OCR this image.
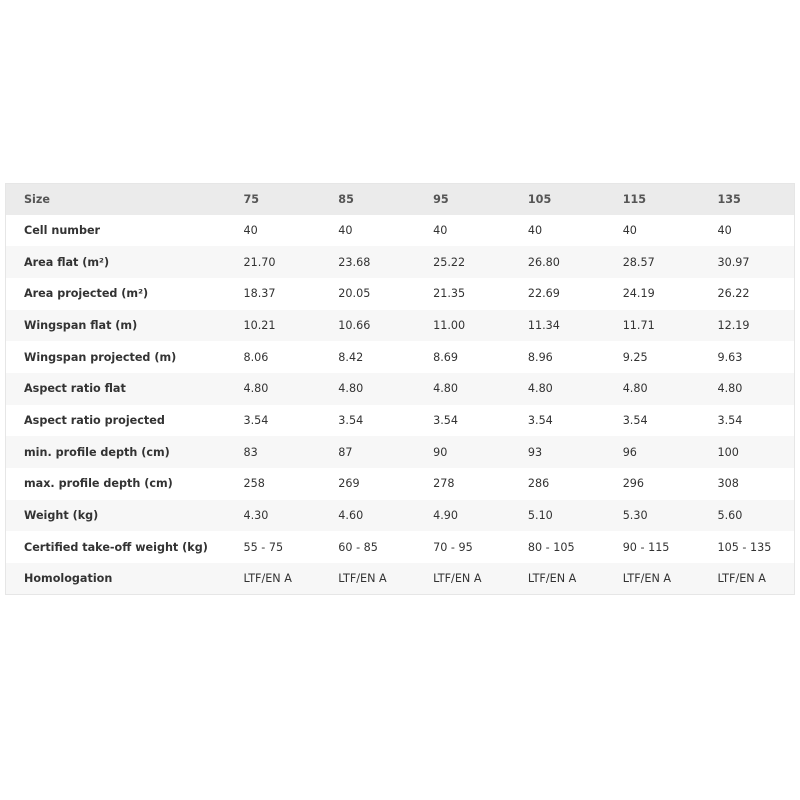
Size	75	85	95	105	115	135
Cell number	40	40	40	40	40	40
Area flat (m²)	21.70	23.68	25.22	26.80	28.57	30.97
Area projected (m²)	18.37	20.05	21.35	22.69	24.19	26.22
Wingspan flat (m)	10.21	10.66	11.00	11.34	11.71	12.19
Wingspan projected (m)	8.06	8.42	8.69	8.96	9.25	9.63
Aspect ratio flat	4.80	4.80	4.80	4.80	4.80	4.80
Aspect ratio projected	3.54	3.54	3.54	3.54	3.54	3.54
min. profile depth (cm)	83	87	90	93	96	100
max. profile depth (cm)	258	269	278	286	296	308
Weight (kg)	4.30	4.60	4.90	5.10	5.30	5.60
Certified take-off weight (kg)	55 - 75	60 - 85	70 - 95	80 - 105	90 - 115	105 - 135
Homologation	LTF/EN A	LTF/EN A	LTF/EN A	LTF/EN A	LTF/EN A	LTF/EN A
